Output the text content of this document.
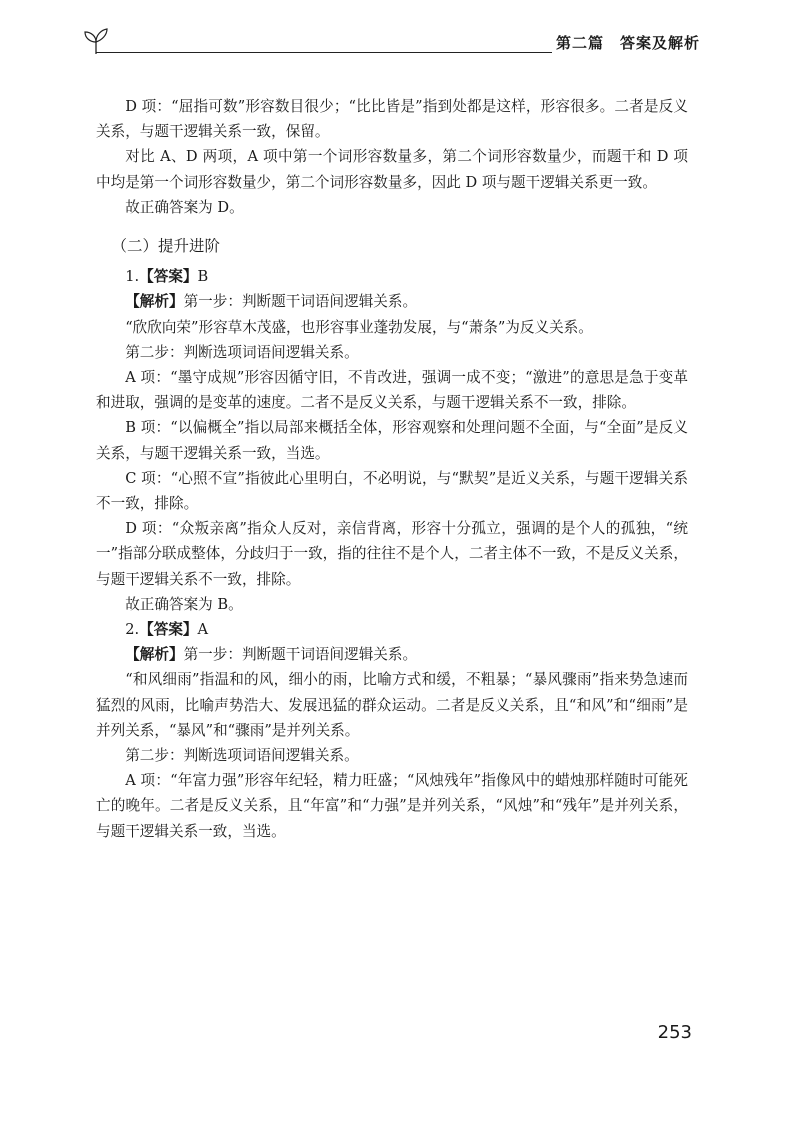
第二篇　答案及解析

D 项：“屈指可数”形容数目很少；“比比皆是”指到处都是这样，形容很多。二者是反义关系，与题干逻辑关系一致，保留。

对比 A、D 两项，A 项中第一个词形容数量多，第二个词形容数量少，而题干和 D 项中均是第一个词形容数量少，第二个词形容数量多，因此 D 项与题干逻辑关系更一致。

故正确答案为 D。

（二）提升进阶

1.【答案】B

【解析】第一步：判断题干词语间逻辑关系。

“欣欣向荣”形容草木茂盛，也形容事业蓬勃发展，与“萧条”为反义关系。

第二步：判断选项词语间逻辑关系。

A 项：“墨守成规”形容因循守旧，不肯改进，强调一成不变；“激进”的意思是急于变革和进取，强调的是变革的速度。二者不是反义关系，与题干逻辑关系不一致，排除。

B 项：“以偏概全”指以局部来概括全体，形容观察和处理问题不全面，与“全面”是反义关系，与题干逻辑关系一致，当选。

C 项：“心照不宣”指彼此心里明白，不必明说，与“默契”是近义关系，与题干逻辑关系不一致，排除。

D 项：“众叛亲离”指众人反对，亲信背离，形容十分孤立，强调的是个人的孤独，“统一”指部分联成整体，分歧归于一致，指的往往不是个人，二者主体不一致，不是反义关系，与题干逻辑关系不一致，排除。

故正确答案为 B。

2.【答案】A

【解析】第一步：判断题干词语间逻辑关系。

“和风细雨”指温和的风，细小的雨，比喻方式和缓，不粗暴；“暴风骤雨”指来势急速而猛烈的风雨，比喻声势浩大、发展迅猛的群众运动。二者是反义关系，且“和风”和“细雨”是并列关系，“暴风”和“骤雨”是并列关系。

第二步：判断选项词语间逻辑关系。

A 项：“年富力强”形容年纪轻，精力旺盛；“风烛残年”指像风中的蜡烛那样随时可能死亡的晚年。二者是反义关系，且“年富”和“力强”是并列关系，“风烛”和“残年”是并列关系，与题干逻辑关系一致，当选。

253
